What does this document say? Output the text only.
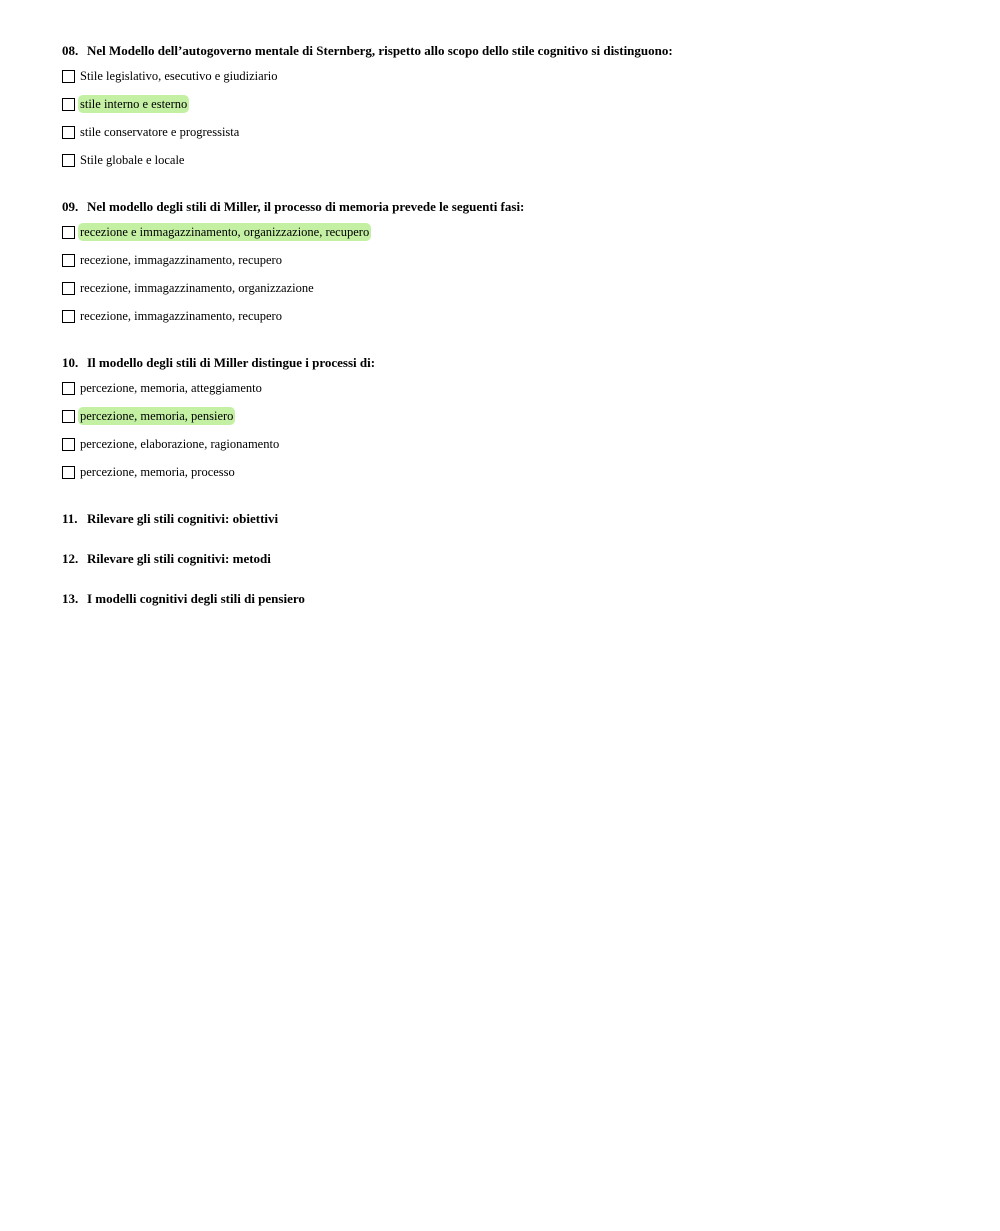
08. Nel Modello dell’autogoverno mentale di Sternberg, rispetto allo scopo dello stile cognitivo si distinguono:
Stile legislativo, esecutivo e giudiziario
stile interno e esterno
stile conservatore e progressista
Stile globale e locale
09. Nel modello degli stili di Miller, il processo di memoria prevede le seguenti fasi:
recezione e immagazzinamento, organizzazione, recupero
recezione, immagazzinamento, recupero
recezione, immagazzinamento, organizzazione
recezione, immagazzinamento, recupero
10. Il modello degli stili di Miller distingue i processi di:
percezione, memoria, atteggiamento
percezione, memoria, pensiero
percezione, elaborazione, ragionamento
percezione, memoria, processo
11. Rilevare gli stili cognitivi: obiettivi
12. Rilevare gli stili cognitivi: metodi
13. I modelli cognitivi degli stili di pensiero
